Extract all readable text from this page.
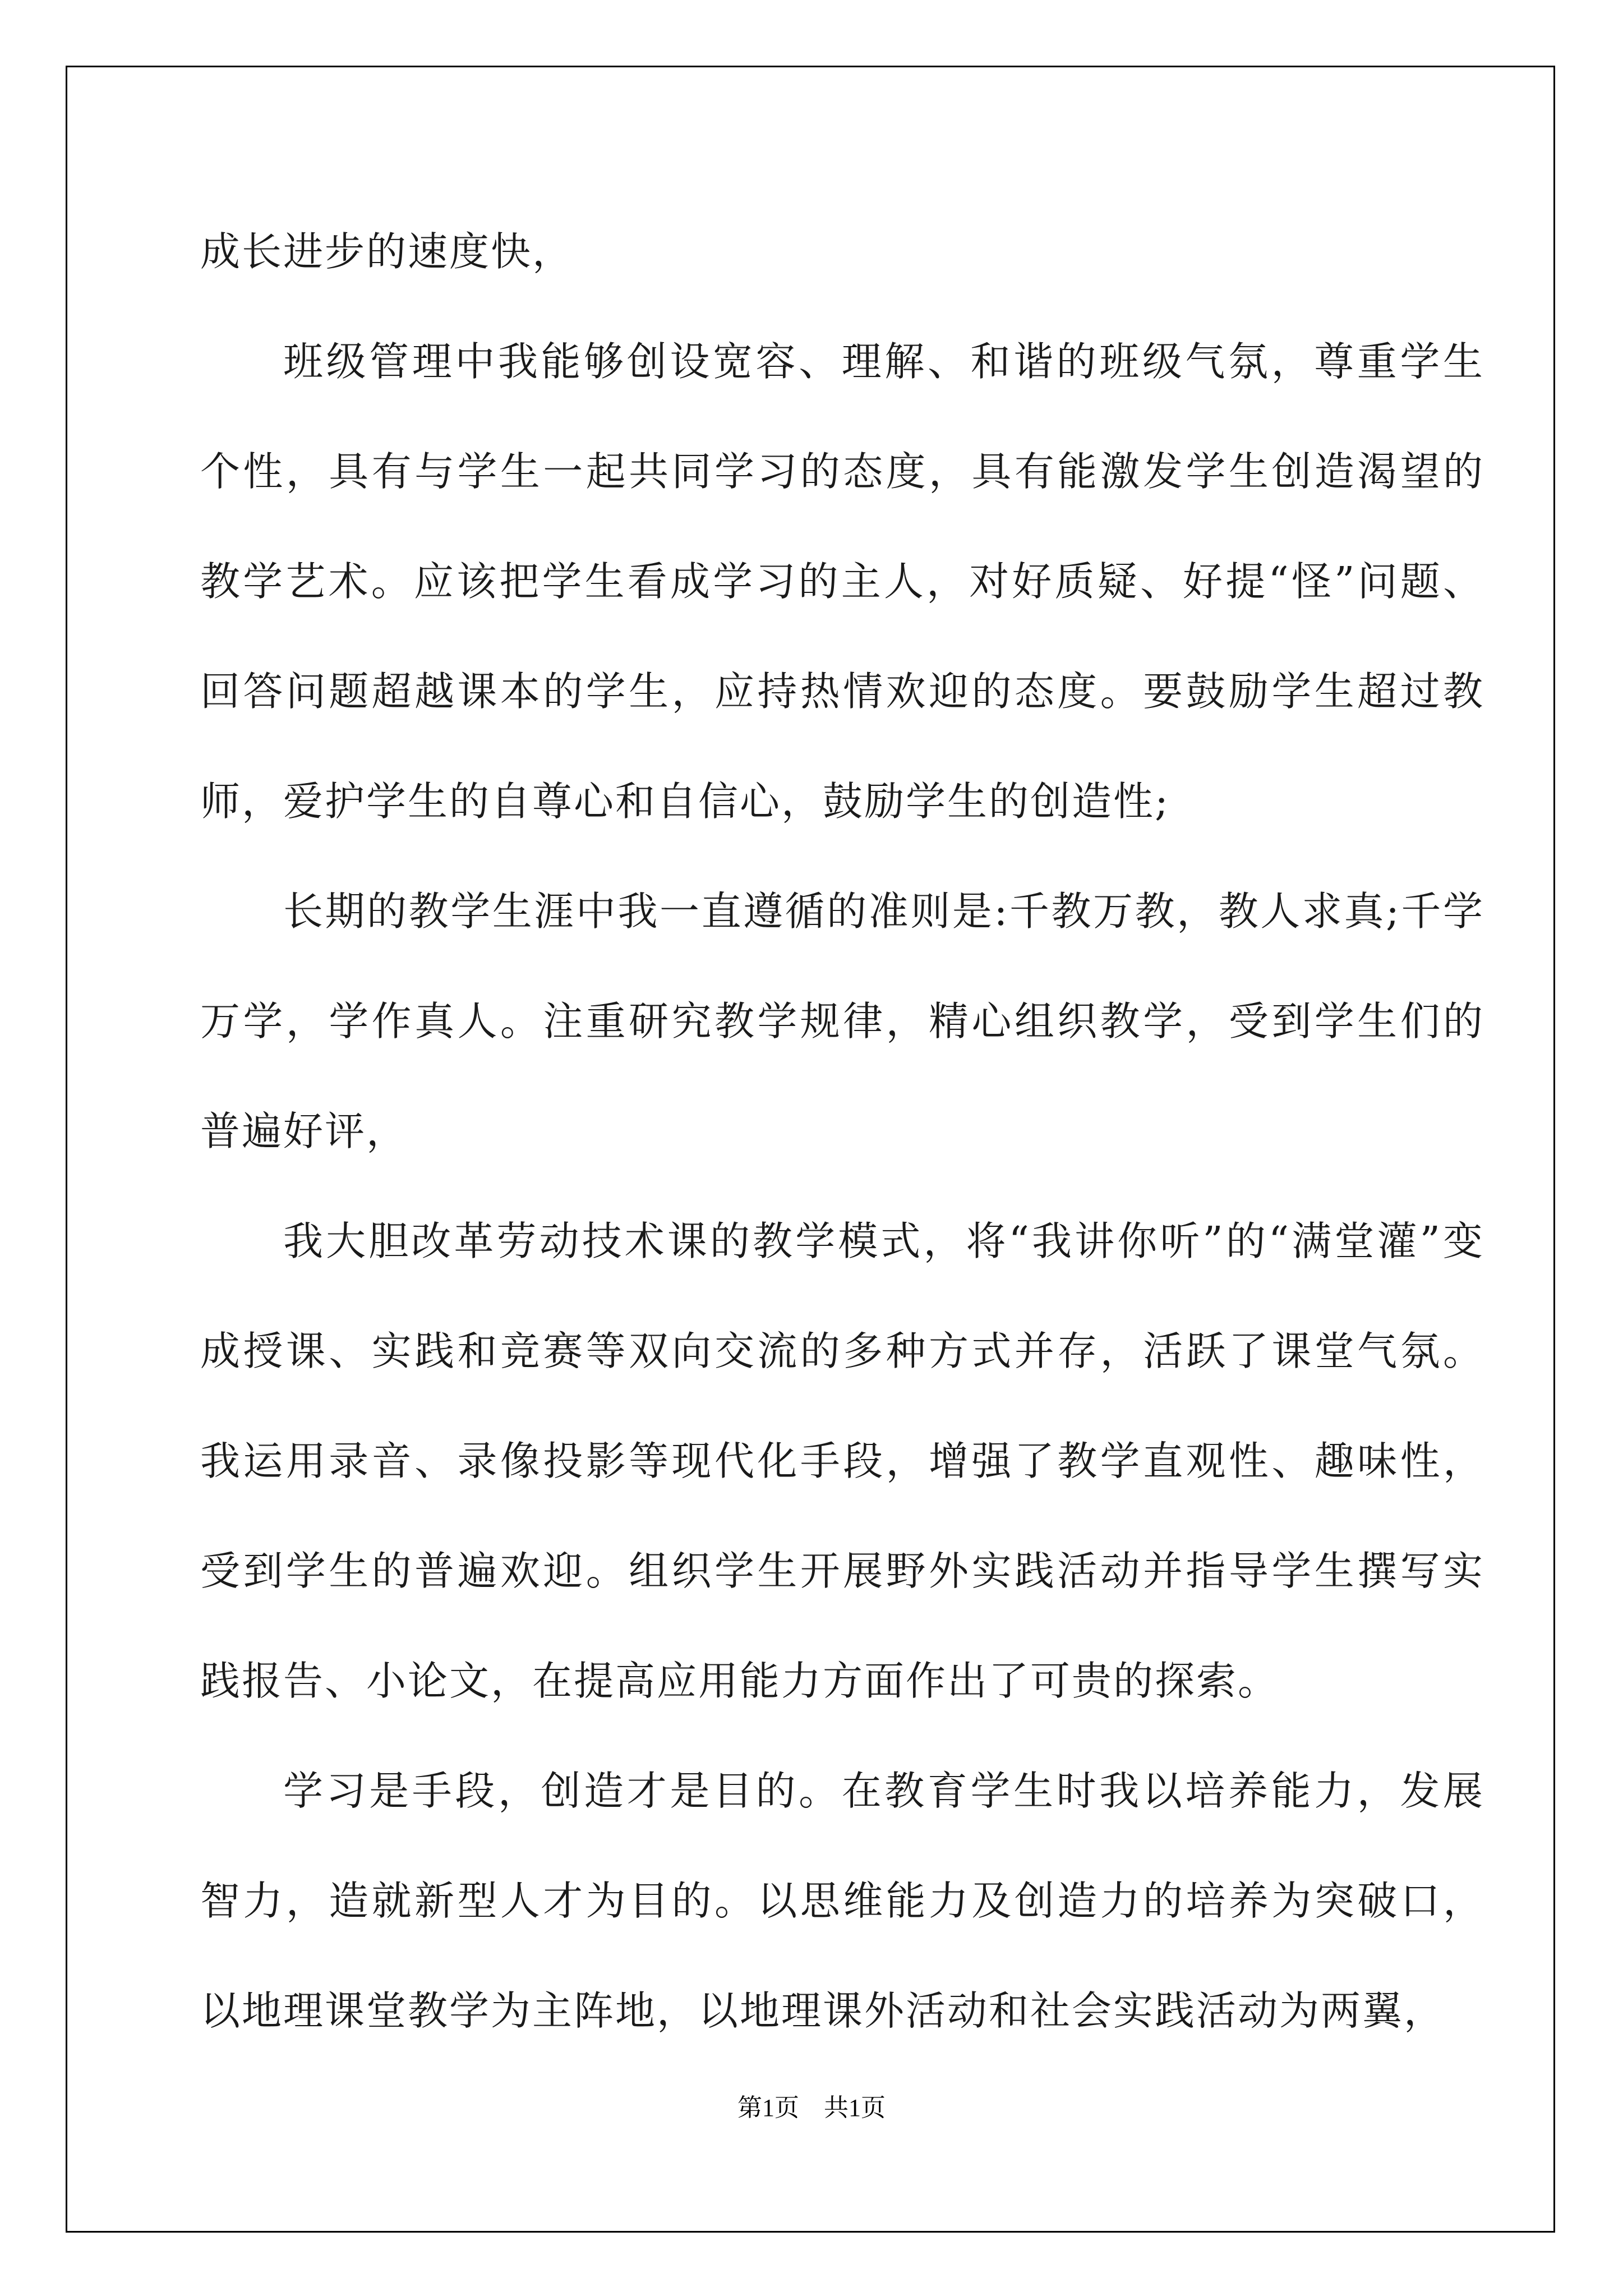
成长进步的速度快，

班级管理中我能够创设宽容、理解、和谐的班级气氛，尊重学生个性，具有与学生一起共同学习的态度，具有能激发学生创造渴望的教学艺术。应该把学生看成学习的主人，对好质疑、好提“怪”问题、回答问题超越课本的学生，应持热情欢迎的态度。要鼓励学生超过教师，爱护学生的自尊心和自信心，鼓励学生的创造性;

长期的教学生涯中我一直遵循的准则是:千教万教，教人求真;千学万学，学作真人。注重研究教学规律，精心组织教学，受到学生们的普遍好评，

我大胆改革劳动技术课的教学模式，将“我讲你听”的“满堂灌”变成授课、实践和竞赛等双向交流的多种方式并存，活跃了课堂气氛。我运用录音、录像投影等现代化手段，增强了教学直观性、趣味性，受到学生的普遍欢迎。组织学生开展野外实践活动并指导学生撰写实践报告、小论文，在提高应用能力方面作出了可贵的探索。

学习是手段，创造才是目的。在教育学生时我以培养能力，发展智力，造就新型人才为目的。以思维能力及创造力的培养为突破口，以地理课堂教学为主阵地，以地理课外活动和社会实践活动为两翼，

第1页 共1页
